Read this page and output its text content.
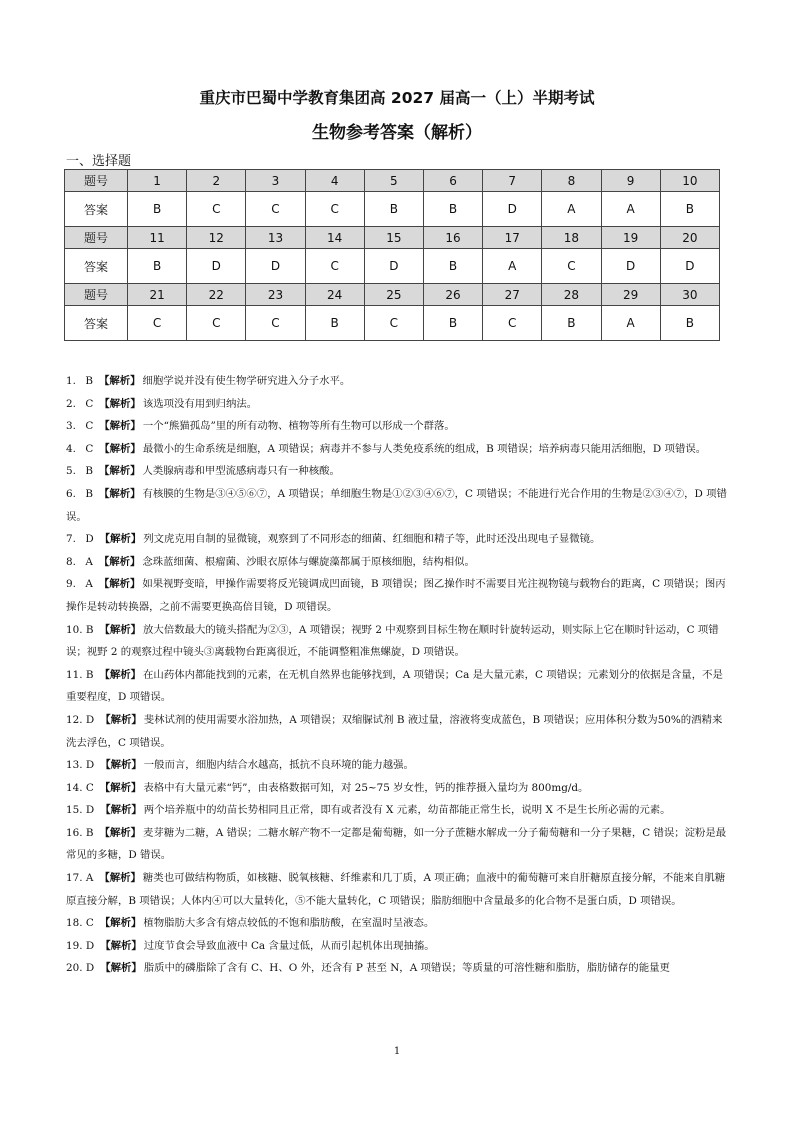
重庆市巴蜀中学教育集团高 2027 届高一（上）半期考试
生物参考答案（解析）
一、选择题
题号	1	2	3	4	5	6	7	8	9	10
答案	B	C	C	C	B	B	D	A	A	B
题号	11	12	13	14	15	16	17	18	19	20
答案	B	D	D	C	D	B	A	C	D	D
题号	21	22	23	24	25	26	27	28	29	30
答案	C	C	C	B	C	B	C	B	A	B

1. B 【解析】 细胞学说并没有使生物学研究进入分子水平。

2. C 【解析】 该选项没有用到归纳法。

3. C 【解析】 一个“熊猫孤岛”里的所有动物、植物等所有生物可以形成一个群落。

4. C 【解析】 最微小的生命系统是细胞，A 项错误；病毒并不参与人类免疫系统的组成，B 项错误；培养病毒只能用活细胞，D 项错误。

5. B 【解析】 人类腺病毒和甲型流感病毒只有一种核酸。

6. B 【解析】 有核膜的生物是③④⑤⑥⑦，A 项错误；单细胞生物是①②③④⑥⑦，C 项错误；不能进行光合作用的生物是②③④⑦，D 项错误。

7. D 【解析】 列文虎克用自制的显微镜，观察到了不同形态的细菌、红细胞和精子等，此时还没出现电子显微镜。

8. A 【解析】 念珠蓝细菌、根瘤菌、沙眼衣原体与螺旋藻都属于原核细胞，结构相似。

9. A 【解析】 如果视野变暗，甲操作需要将反光镜调成凹面镜，B 项错误；图乙操作时不需要目光注视物镜与载物台的距离，C 项错误；图丙操作是转动转换器，之前不需要更换高倍目镜，D 项错误。

10. B 【解析】 放大倍数最大的镜头搭配为②③，A 项错误；视野 2 中观察到目标生物在顺时针旋转运动，则实际上它在顺时针运动，C 项错误；视野 2 的观察过程中镜头③离载物台距离很近，不能调整粗准焦螺旋，D 项错误。

11. B 【解析】 在山药体内都能找到的元素，在无机自然界也能够找到，A 项错误；Ca 是大量元素，C 项错误；元素划分的依据是含量，不是重要程度，D 项错误。

12. D 【解析】 斐林试剂的使用需要水浴加热，A 项错误；双缩脲试剂 B 液过量，溶液将变成蓝色，B 项错误；应用体积分数为50%的酒精来洗去浮色，C 项错误。

13. D 【解析】 一般而言，细胞内结合水越高，抵抗不良环境的能力越强。

14. C 【解析】 表格中有大量元素“钙”，由表格数据可知，对 25~75 岁女性，钙的推荐摄入量均为 800mg/d。

15. D 【解析】 两个培养瓶中的幼苗长势相同且正常，即有或者没有 X 元素，幼苗都能正常生长，说明 X 不是生长所必需的元素。

16. B 【解析】 麦芽糖为二糖，A 错误；二糖水解产物不一定都是葡萄糖，如一分子蔗糖水解成一分子葡萄糖和一分子果糖，C 错误；淀粉是最常见的多糖，D 错误。

17. A 【解析】 糖类也可做结构物质，如核糖、脱氧核糖、纤维素和几丁质，A 项正确；血液中的葡萄糖可来自肝糖原直接分解，不能来自肌糖原直接分解，B 项错误；人体内④可以大量转化，⑤不能大量转化，C 项错误；脂肪细胞中含量最多的化合物不是蛋白质，D 项错误。

18. C 【解析】 植物脂肪大多含有熔点较低的不饱和脂肪酸，在室温时呈液态。

19. D 【解析】 过度节食会导致血液中 Ca 含量过低，从而引起机体出现抽搐。

20. D 【解析】 脂质中的磷脂除了含有 C、H、O 外，还含有 P 甚至 N，A 项错误；等质量的可溶性糖和脂肪，脂肪储存的能量更

1
